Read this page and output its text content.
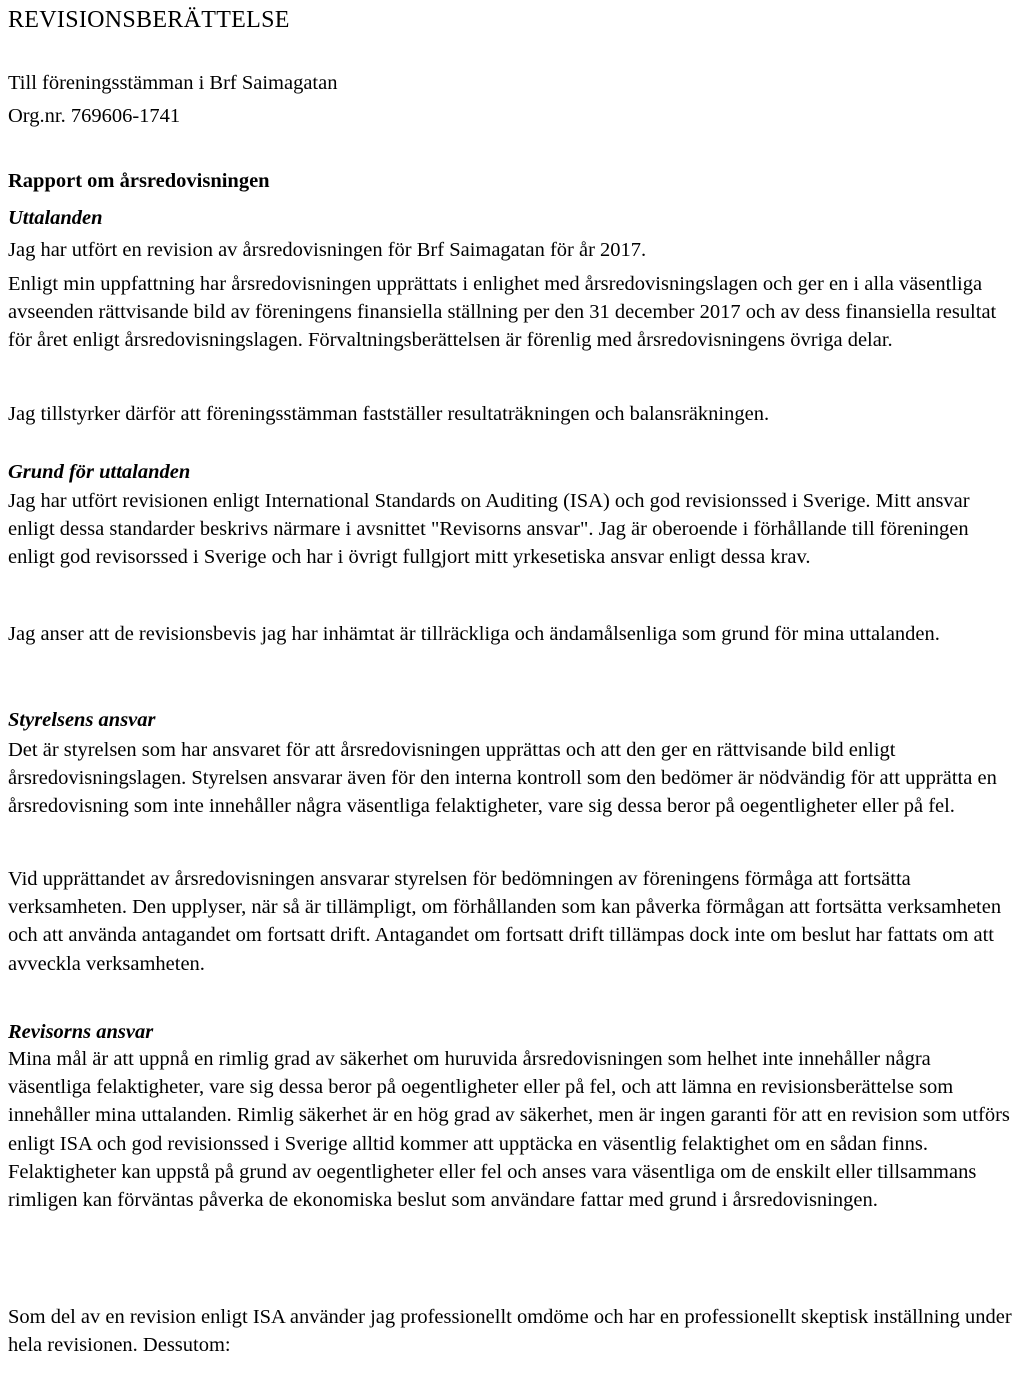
REVISIONSBERÄTTELSE

Till föreningsstämman i Brf Saimagatan

Org.nr. 769606-1741

Rapport om årsredovisningen
Uttalanden

Jag har utfört en revision av årsredovisningen för Brf Saimagatan för år 2017.

Enligt min uppfattning har årsredovisningen upprättats i enlighet med årsredovisningslagen och ger en i alla väsentliga avseenden rättvisande bild av föreningens finansiella ställning per den 31 december 2017 och av dess finansiella resultat för året enligt årsredovisningslagen. Förvaltningsberättelsen är förenlig med årsredovisningens övriga delar.

Jag tillstyrker därför att föreningsstämman fastställer resultaträkningen och balansräkningen.

Grund för uttalanden

Jag har utfört revisionen enligt International Standards on Auditing (ISA) och god revisionssed i Sverige. Mitt ansvar enligt dessa standarder beskrivs närmare i avsnittet "Revisorns ansvar". Jag är oberoende i förhållande till föreningen enligt god revisorssed i Sverige och har i övrigt fullgjort mitt yrkesetiska ansvar enligt dessa krav.

Jag anser att de revisionsbevis jag har inhämtat är tillräckliga och ändamålsenliga som grund för mina uttalanden.

Styrelsens ansvar

Det är styrelsen som har ansvaret för att årsredovisningen upprättas och att den ger en rättvisande bild enligt årsredovisningslagen. Styrelsen ansvarar även för den interna kontroll som den bedömer är nödvändig för att upprätta en årsredovisning som inte innehåller några väsentliga felaktigheter, vare sig dessa beror på oegentligheter eller på fel.

Vid upprättandet av årsredovisningen ansvarar styrelsen för bedömningen av föreningens förmåga att fortsätta verksamheten. Den upplyser, när så är tillämpligt, om förhållanden som kan påverka förmågan att fortsätta verksamheten och att använda antagandet om fortsatt drift. Antagandet om fortsatt drift tillämpas dock inte om beslut har fattats om att avveckla verksamheten.

Revisorns ansvar

Mina mål är att uppnå en rimlig grad av säkerhet om huruvida årsredovisningen som helhet inte innehåller några väsentliga felaktigheter, vare sig dessa beror på oegentligheter eller på fel, och att lämna en revisionsberättelse som innehåller mina uttalanden. Rimlig säkerhet är en hög grad av säkerhet, men är ingen garanti för att en revision som utförs enligt ISA och god revisionssed i Sverige alltid kommer att upptäcka en väsentlig felaktighet om en sådan finns. Felaktigheter kan uppstå på grund av oegentligheter eller fel och anses vara väsentliga om de enskilt eller tillsammans rimligen kan förväntas påverka de ekonomiska beslut som användare fattar med grund i årsredovisningen.

Som del av en revision enligt ISA använder jag professionellt omdöme och har en professionellt skeptisk inställning under hela revisionen. Dessutom:
